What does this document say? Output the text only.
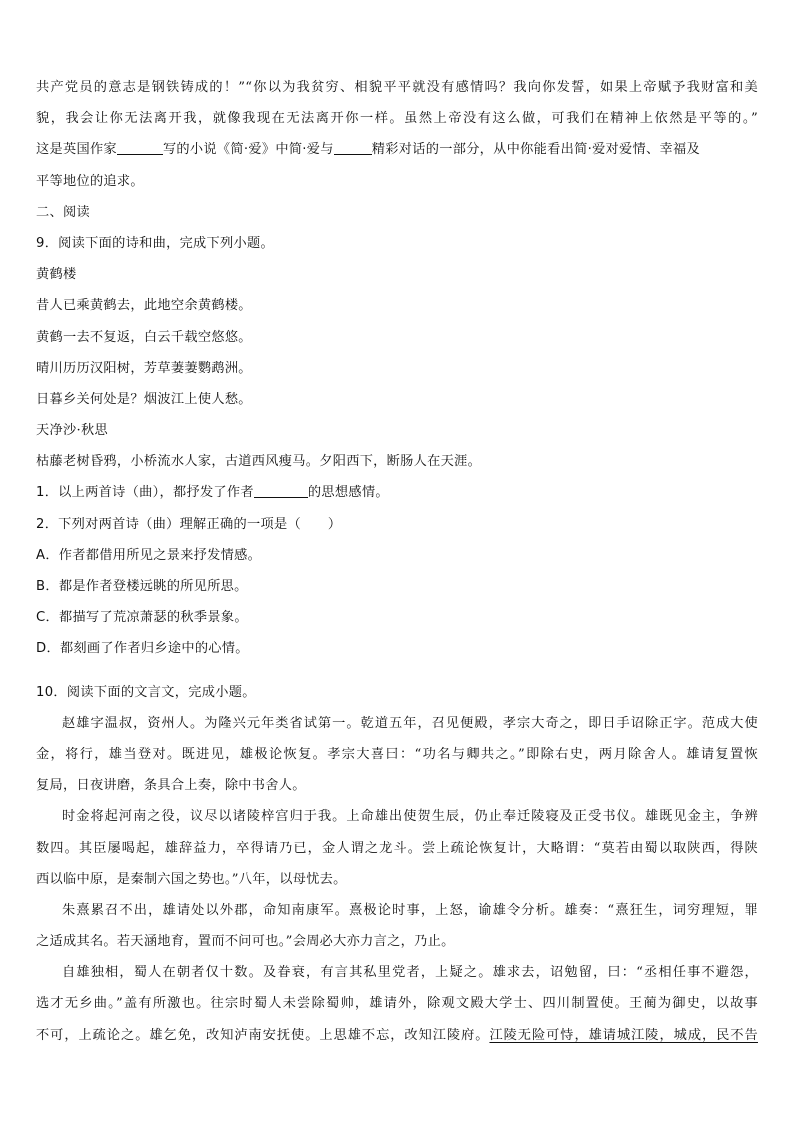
共产党员的意志是钢铁铸成的！”“你以为我贫穷、相貌平平就没有感情吗？我向你发誓，如果上帝赋予我财富和美
貌，我会让你无法离开我，就像我现在无法离开你一样。虽然上帝没有这么做，可我们在精神上依然是平等的。”
这是英国作家	写的小说《简·爱》中简·爱与	精彩对话的一部分，从中你能看出简·爱对爱情、幸福及
平等地位的追求。
二、阅读
9．阅读下面的诗和曲，完成下列小题。
黄鹤楼
昔人已乘黄鹤去，此地空余黄鹤楼。
黄鹤一去不复返，白云千载空悠悠。
晴川历历汉阳树，芳草萋萋鹦鹉洲。
日暮乡关何处是？烟波江上使人愁。
天净沙·秋思
枯藤老树昏鸦，小桥流水人家，古道西风瘦马。夕阳西下，断肠人在天涯。
1．以上两首诗（曲），都抒发了作者	的思想感情。
2．下列对两首诗（曲）理解正确的一项是（　　）
A．作者都借用所见之景来抒发情感。
B．都是作者登楼远眺的所见所思。
C．都描写了荒凉萧瑟的秋季景象。
D．都刻画了作者归乡途中的心情。
10．阅读下面的文言文，完成小题。
赵雄字温叔，资州人。为隆兴元年类省试第一。乾道五年，召见便殿，孝宗大奇之，即日手诏除正字。范成大使
金，将行，雄当登对。既进见，雄极论恢复。孝宗大喜曰：“功名与卿共之。”即除右史，两月除舍人。雄请复置恢
复局，日夜讲磨，条具合上奏，除中书舍人。
时金将起河南之役，议尽以诸陵梓宫归于我。上命雄出使贺生辰，仍止奉迁陵寝及正受书仪。雄既见金主，争辨
数四。其臣屡喝起，雄辞益力，卒得请乃已，金人谓之龙斗。尝上疏论恢复计，大略谓：“莫若由蜀以取陕西，得陕
西以临中原，是秦制六国之势也。”八年，以母忧去。
朱熹累召不出，雄请处以外郡，命知南康军。熹极论时事，上怒，谕雄令分析。雄奏：“熹狂生，词穷理短，罪
之适成其名。若天涵地育，置而不问可也。”会周必大亦力言之，乃止。
自雄独相，蜀人在朝者仅十数。及眷衰，有言其私里党者，上疑之。雄求去，诏勉留，曰：“丞相任事不避怨，
选才无乡曲。”盖有所激也。往宗时蜀人未尝除蜀帅，雄请外，除观文殿大学士、四川制置使。王蔺为御史，以故事
不可，上疏论之。雄乞免，改知泸南安抚使。上思雄不忘，改知江陵府。江陵无险可恃，雄请城江陵，城成，民不告
